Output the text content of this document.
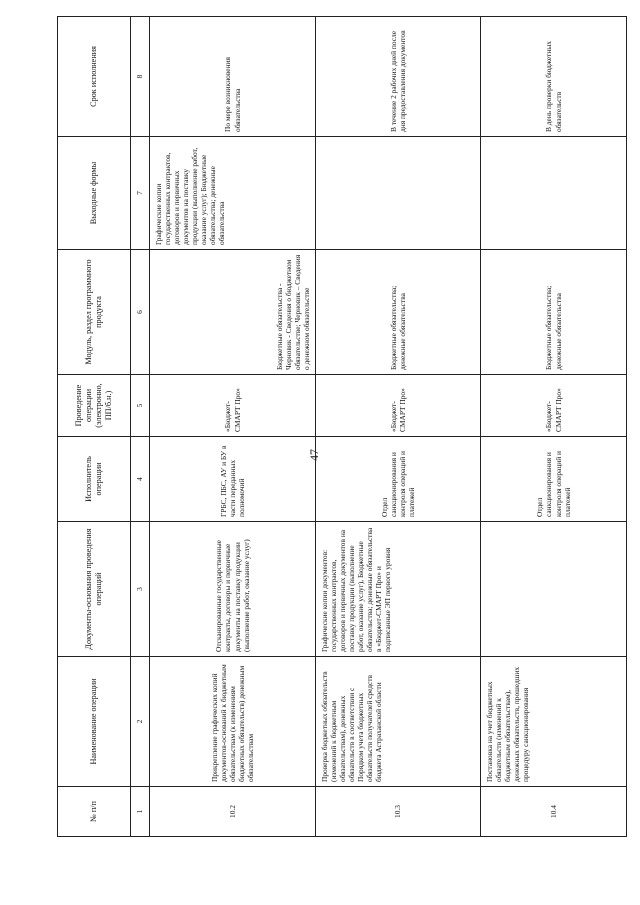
47
№ п/п	Наименование операции	Документы-основания проведения операций	Исполнитель операции	Проведение операции (электронно, ПП/б.н.)	Модуль, раздел программного продукта	Выходные формы	Срок исполнения
1	2	3	4	5	6	7	8
10.2	Прикрепление графических копий документов-оснований к бюджетным обязательствам (к изменениям бюджетных обязательств) денежным обязательствам	Отсканированные государственные контракты, договоры и первичные документы на поставку продукции (выполнение работ, оказание услуг)	ГРБС, ПБС, АУ и БУ в части переданных полномочий	«Бюджет-СМАРТ Про»	Бюджетные обязательства - Черновик - Сведения о бюджетном обязательстве; Черновик – Сведения о денежном обязательстве	Графические копии государственных контрактов, договоров и первичных документов на поставку продукции (выполнение работ, оказание услуг); Бюджетные обязательства; денежные обязательства	По мере возникновения обязательства
10.3	Проверка бюджетных обязательств (изменений к бюджетным обязательствам), денежных обязательств в соответствии с Порядком учета бюджетных обязательств получателей средств бюджета Астраханской области	Графические копии документов: государственных контрактов, договоров и первичных документов на поставку продукции (выполнение работ, оказание услуг), Бюджетные обязательства; денежные обязательства в «Бюджет-СМАРТ Про» и подписанные ЭП первого уровня	Отдел санкционирования и контроля операций и платежей	«Бюджет-СМАРТ Про»	Бюджетные обязательства; денежные обязательства		В течение 2 рабочих дней после дня предоставления документов
10.4	Постановка на учет бюджетных обязательств (изменений к бюджетным обязательствам), денежных обязательств, прошедших процедуру санкционирования		Отдел санкционирования и контроля операций и платежей	«Бюджет-СМАРТ Про»	Бюджетные обязательства; денежные обязательства		В день проверки бюджетных обязательств
